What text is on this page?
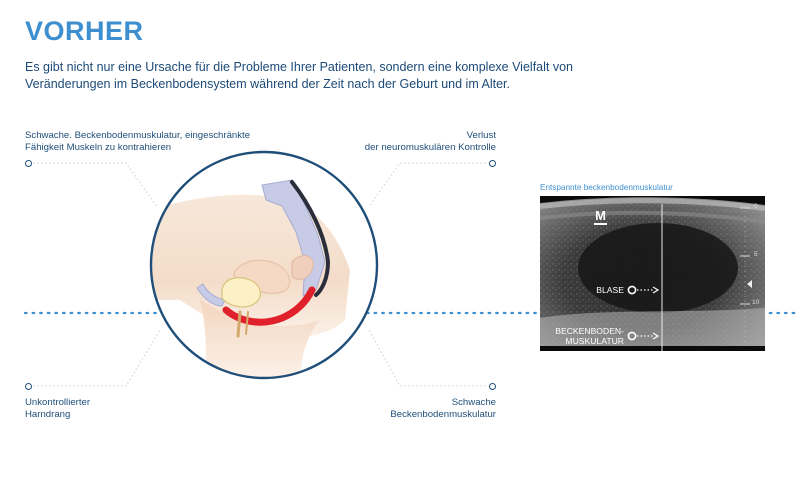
VORHER

Es gibt nicht nur eine Ursache für die Probleme Ihrer Patienten, sondern eine komplexe Vielfalt von Veränderungen im Beckenbodensystem während der Zeit nach der Geburt und im Alter.

Schwache. Beckenbodenmuskulatur, eingeschränkte
Fähigkeit Muskeln zu kontrahieren
Verlust
der neuromuskulären Kontrolle
Unkontrollierter
Harndrang
Schwache
Beckenbodenmuskulatur
Entspannte beckenbodenmuskulatur
M
BLASE
BECKENBODEN-
MUSKULATUR
0
5
10
